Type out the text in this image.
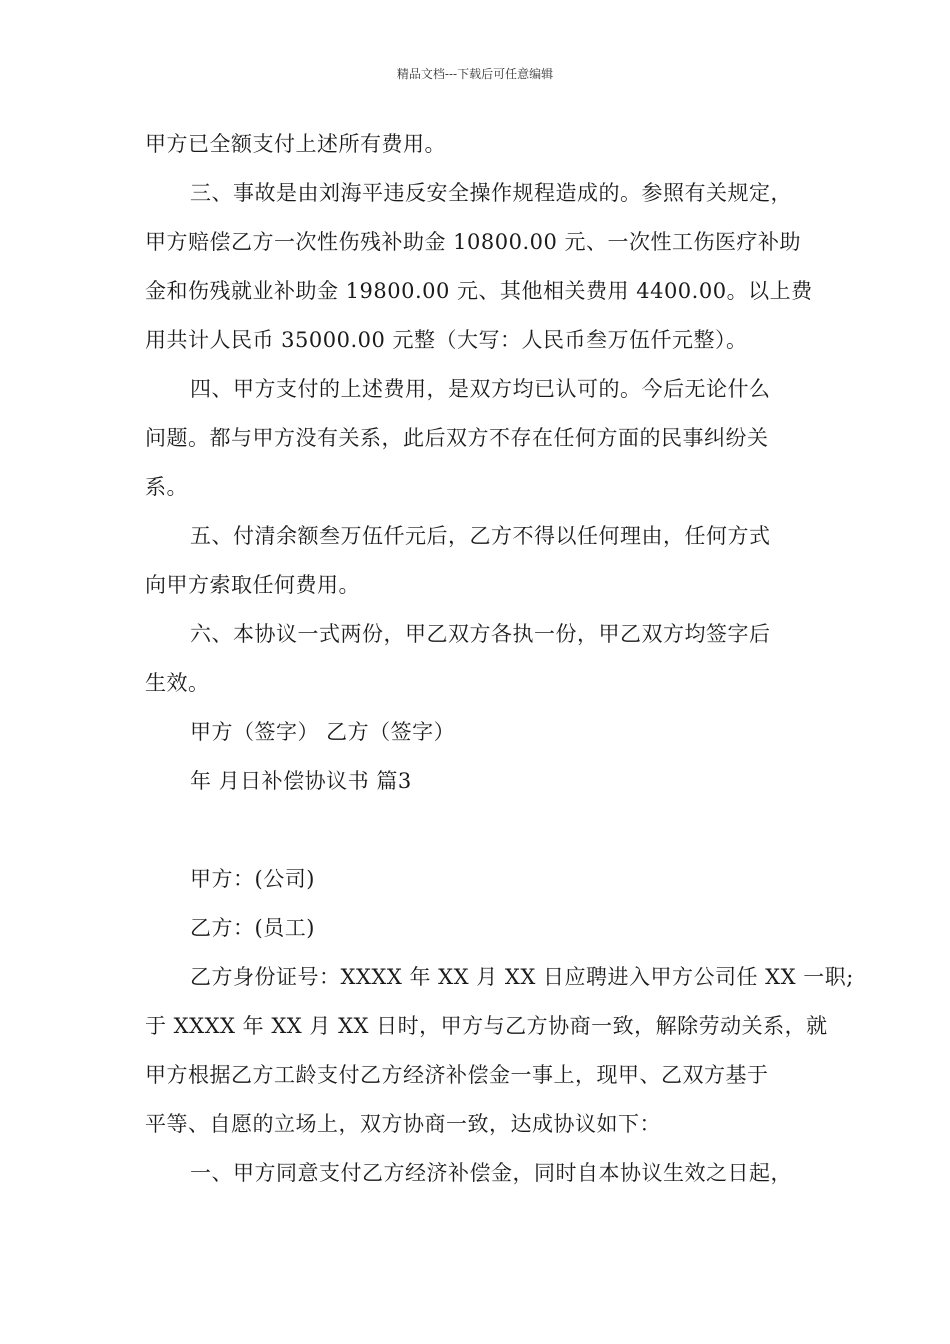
精品文档---下载后可任意编辑
甲方已全额支付上述所有费用。
三、事故是由刘海平违反安全操作规程造成的。参照有关规定，
甲方赔偿乙方一次性伤残补助金 10800.00 元、一次性工伤医疗补助
金和伤残就业补助金 19800.00 元、其他相关费用 4400.00。以上费
用共计人民币 35000.00 元整（大写：人民币叁万伍仟元整）。
四、甲方支付的上述费用，是双方均已认可的。今后无论什么
问题。都与甲方没有关系，此后双方不存在任何方面的民事纠纷关
系。
五、付清余额叁万伍仟元后，乙方不得以任何理由，任何方式
向甲方索取任何费用。
六、本协议一式两份，甲乙双方各执一份，甲乙双方均签字后
生效。
甲方（签字） 乙方（签字）
年 月日补偿协议书 篇3
甲方：(公司)
乙方：(员工)
乙方身份证号：XXXX 年 XX 月 XX 日应聘进入甲方公司任 XX 一职;
于 XXXX 年 XX 月 XX 日时，甲方与乙方协商一致，解除劳动关系，就
甲方根据乙方工龄支付乙方经济补偿金一事上，现甲、乙双方基于
平等、自愿的立场上，双方协商一致，达成协议如下：
一、甲方同意支付乙方经济补偿金，同时自本协议生效之日起，
